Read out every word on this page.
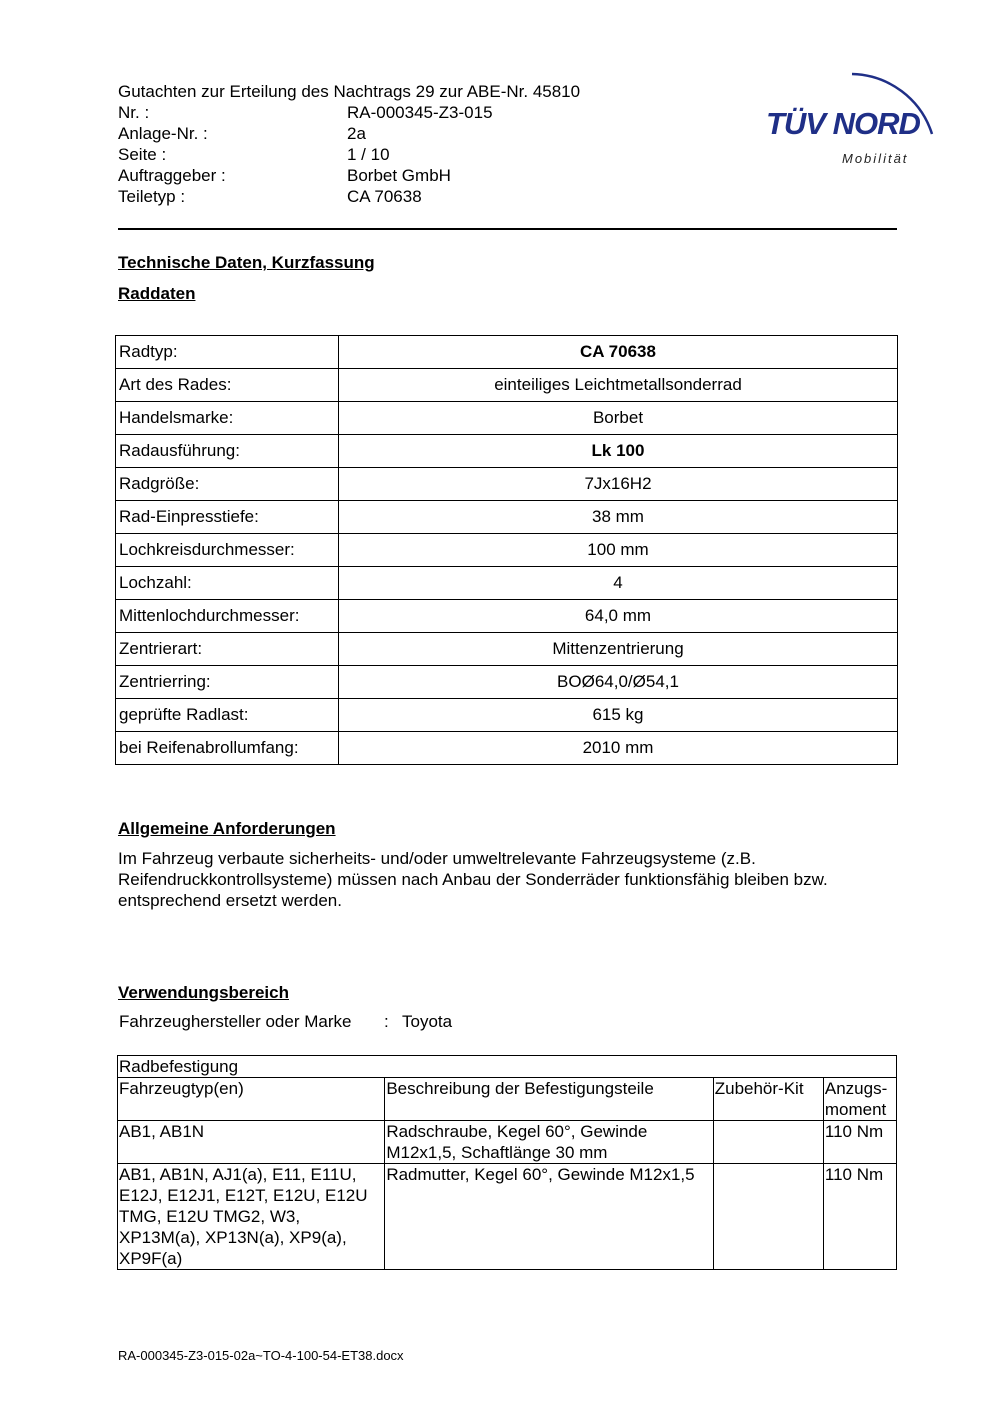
Gutachten zur Erteilung des Nachtrags 29 zur ABE-Nr. 45810
Nr. :	RA-000345-Z3-015
Anlage-Nr. :	2a
Seite :	1 / 10
Auftraggeber :	Borbet GmbH
Teiletyp :	CA 70638
TÜV NORD
Mobilität
Technische Daten, Kurzfassung
Raddaten
Radtyp:	CA 70638
Art des Rades:	einteiliges Leichtmetallsonderrad
Handelsmarke:	Borbet
Radausführung:	Lk 100
Radgröße:	7Jx16H2
Rad-Einpresstiefe:	38 mm
Lochkreisdurchmesser:	100 mm
Lochzahl:	4
Mittenlochdurchmesser:	64,0 mm
Zentrierart:	Mittenzentrierung
Zentrierring:	BOØ64,0/Ø54,1
geprüfte Radlast:	615 kg
bei Reifenabrollumfang:	2010 mm
Allgemeine Anforderungen
Im Fahrzeug verbaute sicherheits- und/oder umweltrelevante Fahrzeugsysteme (z.B. Reifendruckkontrollsysteme) müssen nach Anbau der Sonderräder funktionsfähig bleiben bzw. entsprechend ersetzt werden.
Verwendungsbereich
Fahrzeughersteller oder Marke : Toyota
Radbefestigung			
Fahrzeugtyp(en)	Beschreibung der Befestigungsteile	Zubehör-Kit	Anzugs-
moment
AB1, AB1N	Radschraube, Kegel 60°, Gewinde M12x1,5, Schaftlänge 30 mm		110 Nm
AB1, AB1N, AJ1(a), E11, E11U, E12J, E12J1, E12T, E12U, E12U TMG, E12U TMG2, W3, XP13M(a), XP13N(a), XP9(a), XP9F(a)	Radmutter, Kegel 60°, Gewinde M12x1,5		110 Nm
RA-000345-Z3-015-02a~TO-4-100-54-ET38.docx
